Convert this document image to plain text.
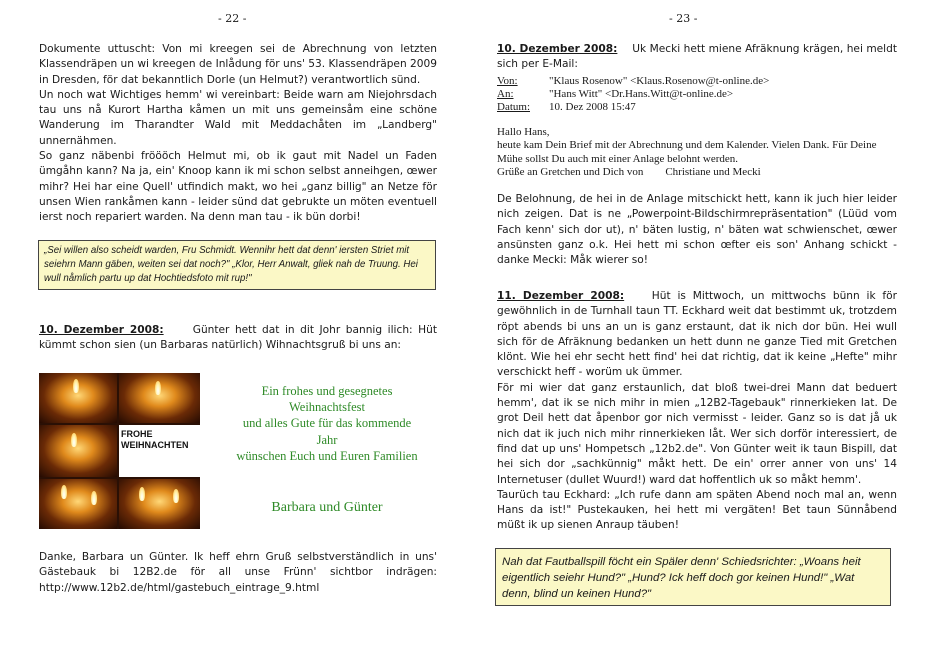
- 22 -

Dokumente uttuscht: Von mi kreegen sei de Abrechnung von letzten Klassendräpen un wi kreegen de Inlådung för uns' 53. Klassendräpen 2009 in Dresden, för dat bekanntlich Dorle (un Helmut?) verantwortlich sünd.

Un noch wat Wichtiges hemm' wi vereinbart: Beide warn am Niejohrsdach tau uns nå Kurort Hartha kåmen un mit uns gemeinsåm eine schöne Wanderung im Tharandter Wald mit Meddachåten im „Landberg" unnernähmen.

So ganz näbenbi fröööch Helmut mi, ob ik gaut mit Nadel un Faden ümgåhn kann? Na ja, ein' Knoop kann ik mi schon selbst anneihgen, œwer mihr? Hei har eine Quell' utfindich makt, wo hei „ganz billig" an Netze för unsen Wien rankåmen kann - leider sünd dat gebrukte un möten eventuell ierst noch repariert warden. Na denn man tau - ik bün dorbi!

„Sei willen also scheidt warden, Fru Schmidt. Wennihr hett dat denn' iersten Striet mit seiehrn Mann gäben, weiten sei dat noch?" „Klor, Herr Anwalt, gliek nah de Truung. Hei wull nåmlich partu up dat Hochtiedsfoto mit rup!"
10. Dezember 2008:	Günter hett dat in dit Johr bannig ilich: Hüt kümmt schon sien (un Barbaras natürlich) Wihnachtsgruß bi uns an:
FROHE
WEIHNACHTEN
Ein frohes und gesegnetes
Weihnachtsfest
und alles Gute für das kommende
Jahr
wünschen Euch und Euren Familien
Barbara und Günter

Danke, Barbara un Günter. Ik heff ehrn Gruß selbstverständlich in uns' Gästebauk bi 12B2.de för all unse Frünn' sichtbor indrägen: http://www.12b2.de/html/gastebuch_eintrage_9.html

- 23 -
10. Dezember 2008: Uk Mecki hett miene Afräknung krägen, hei meldt sich per E-Mail:
Von:	"Klaus Rosenow" <Klaus.Rosenow@t-online.de>
An:	"Hans Witt" <Dr.Hans.Witt@t-online.de>
Datum:	10. Dez 2008 15:47
Hallo Hans,
heute kam Dein Brief mit der Abrechnung und dem Kalender. Vielen Dank. Für Deine
Mühe sollst Du auch mit einer Anlage belohnt werden.
Grüße an Gretchen und Dich von        Christiane und Mecki

De Belohnung, de hei in de Anlage mitschickt hett, kann ik juch hier leider nich zeigen. Dat is ne „Powerpoint-Bildschirmrepräsentation" (Lüüd vom Fach kenn' sich dor ut), n' bäten lustig, n' bäten wat schwienschet, œwer ansünsten ganz o.k. Hei hett mi schon œfter eis son' Anhang schickt - danke Mecki: Måk wierer so!

11. Dezember 2008:	Hüt is Mittwoch, un mittwochs bünn ik för gewöhnlich in de Turnhall taun TT. Eckhard weit dat bestimmt uk, trotzdem röpt abends bi uns an un is ganz erstaunt, dat ik nich dor bün. Hei wull sich för de Afräknung bedanken un hett dunn ne ganze Tied mit Gretchen klönt. Wie hei ehr secht hett find' hei dat richtig, dat ik keine „Hefte" mihr verschickt heff - worüm uk ümmer.

För mi wier dat ganz erstaunlich, dat bloß twei-drei Mann dat beduert hemm', dat ik se nich mihr in mien „12B2-Tagebauk" rinnerkieken lat. De grot Deil hett dat åpenbor gor nich vermisst - leider. Ganz so is dat jå uk nich dat ik juch nich mihr rinnerkieken låt. Wer sich dorför interessiert, de find dat up uns' Hompetsch „12b2.de". Von Günter weit ik taun Bispill, dat hei sich dor „sachkünnig" måkt hett. De ein' orrer anner von uns' 14 Internetuser (dullet Wuurd!) ward dat hoffentlich uk so måkt hemm'.

Taurüch tau Eckhard: „Ich rufe dann am späten Abend noch mal an, wenn Hans da ist!" Pustekauken, hei hett mi vergäten! Bet taun Sünnåbend müßt ik up sienen Anraup täuben!

Nah dat Fautballspill föcht ein Späler denn' Schiedsrichter: „Woans heit eigentlich seiehr Hund?" „Hund? Ick heff doch gor keinen Hund!" „Wat denn, blind un keinen Hund?"
